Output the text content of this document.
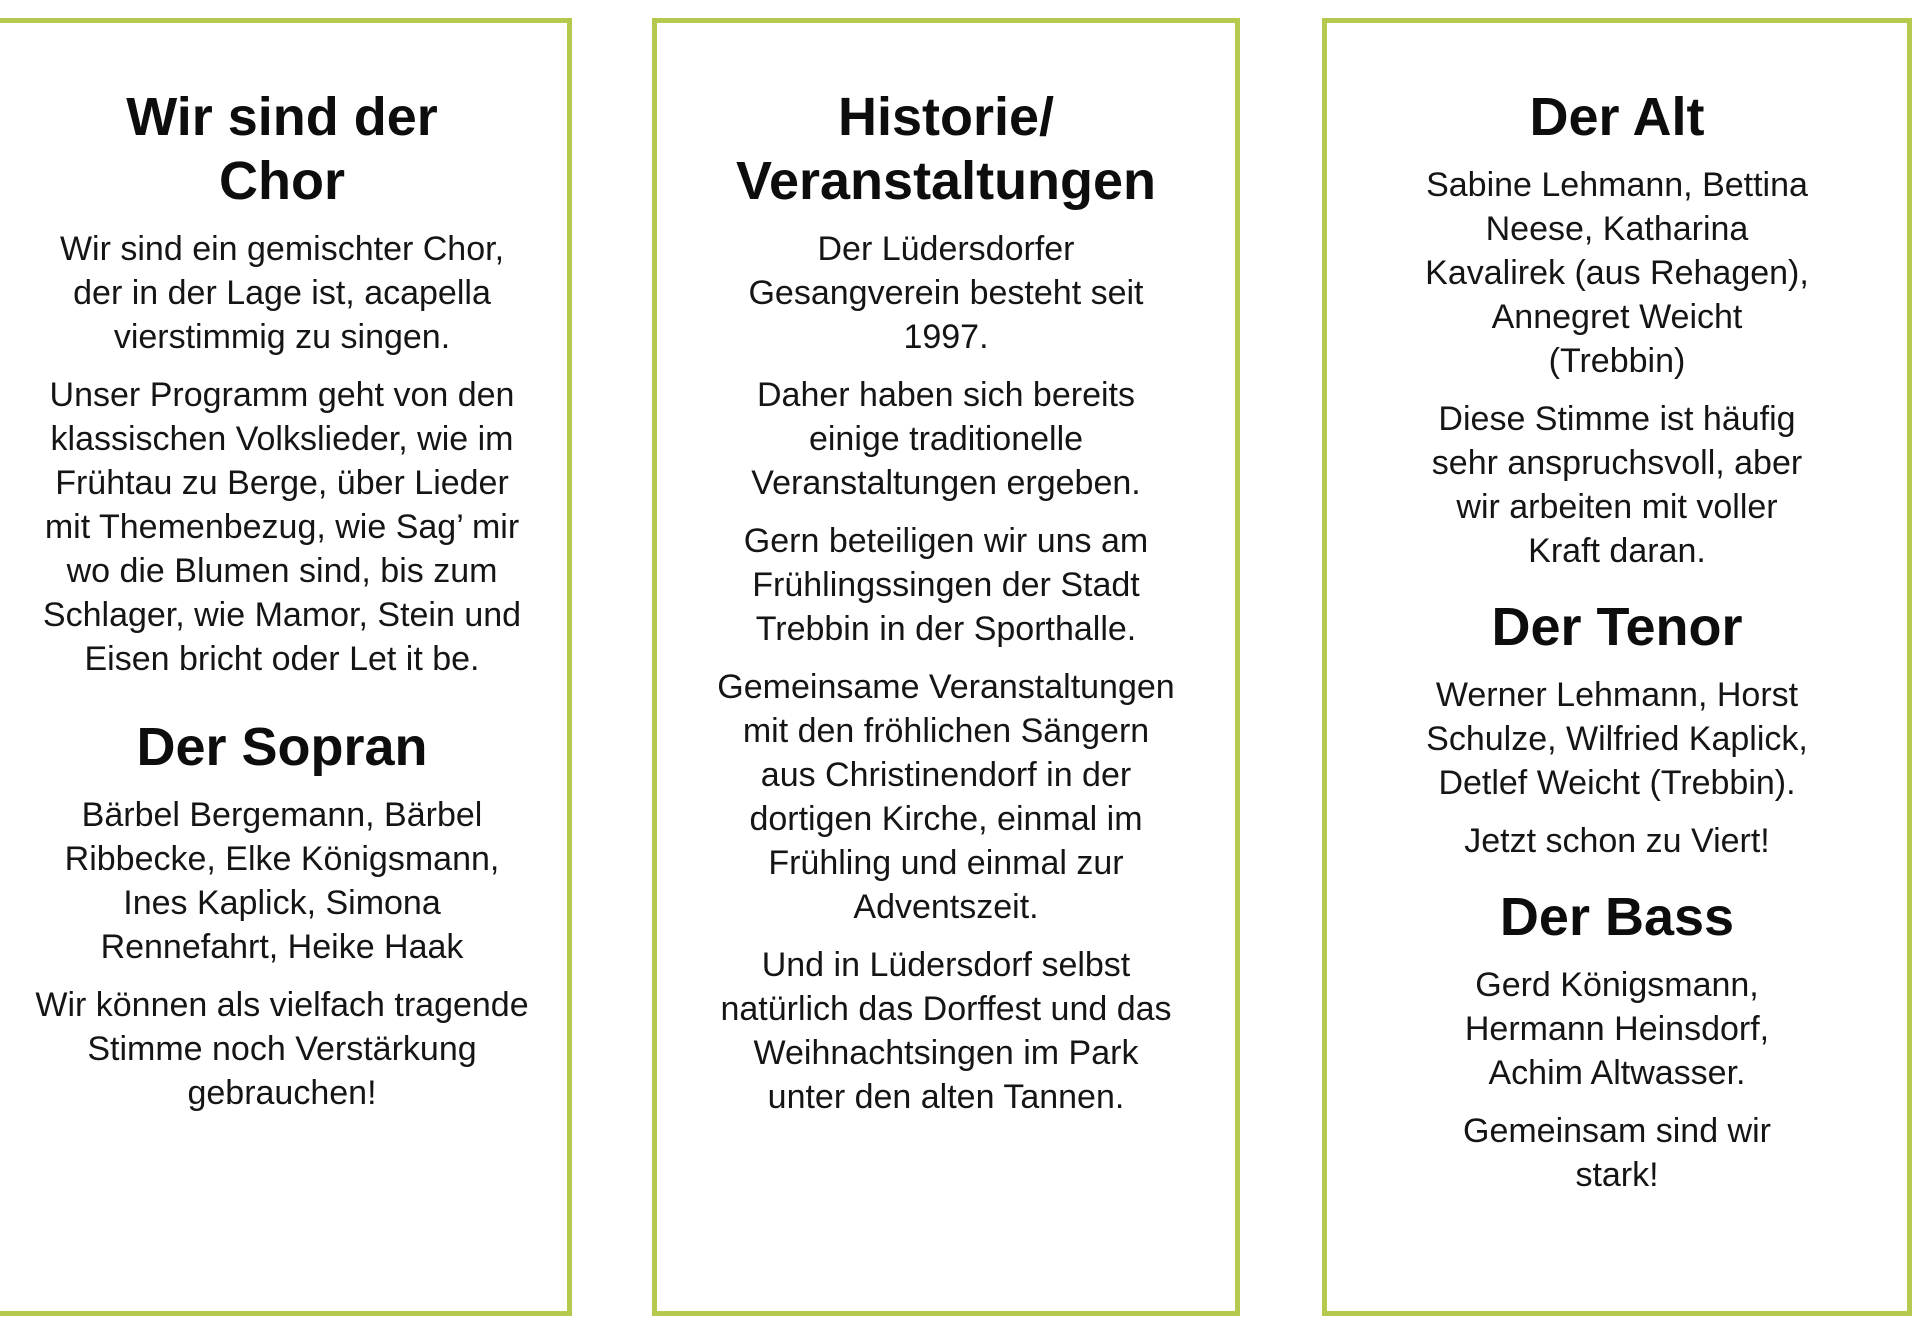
Wir sind der
Chor

Wir sind ein gemischter Chor,

der in der Lage ist, acapella

vierstimmig zu singen.

Unser Programm geht von den

klassischen Volkslieder, wie im

Frühtau zu Berge, über Lieder

mit Themenbezug, wie Sag’ mir

wo die Blumen sind, bis zum

Schlager, wie Mamor, Stein und

Eisen bricht oder Let it be.

Der Sopran

Bärbel Bergemann, Bärbel

Ribbecke, Elke Königsmann,

Ines Kaplick, Simona

Rennefahrt, Heike Haak

Wir können als vielfach tragende

Stimme noch Verstärkung

gebrauchen!

Historie/
Veranstaltungen

Der Lüdersdorfer

Gesangverein besteht seit

1997.

Daher haben sich bereits

einige traditionelle

Veranstaltungen ergeben.

Gern beteiligen wir uns am

Frühlingssingen der Stadt

Trebbin in der Sporthalle.

Gemeinsame Veranstaltungen

mit den fröhlichen Sängern

aus Christinendorf in der

dortigen Kirche, einmal im

Frühling und einmal zur

Adventszeit.

Und in Lüdersdorf selbst

natürlich das Dorffest und das

Weihnachtsingen im Park

unter den alten Tannen.

Der Alt

Sabine Lehmann, Bettina

Neese, Katharina

Kavalirek (aus Rehagen),

Annegret Weicht

(Trebbin)

Diese Stimme ist häufig

sehr anspruchsvoll, aber

wir arbeiten mit voller

Kraft daran.

Der Tenor

Werner Lehmann, Horst

Schulze, Wilfried Kaplick,

Detlef Weicht (Trebbin).

Jetzt schon zu Viert!

Der Bass

Gerd Königsmann,

Hermann Heinsdorf,

Achim Altwasser.

Gemeinsam sind wir

stark!
